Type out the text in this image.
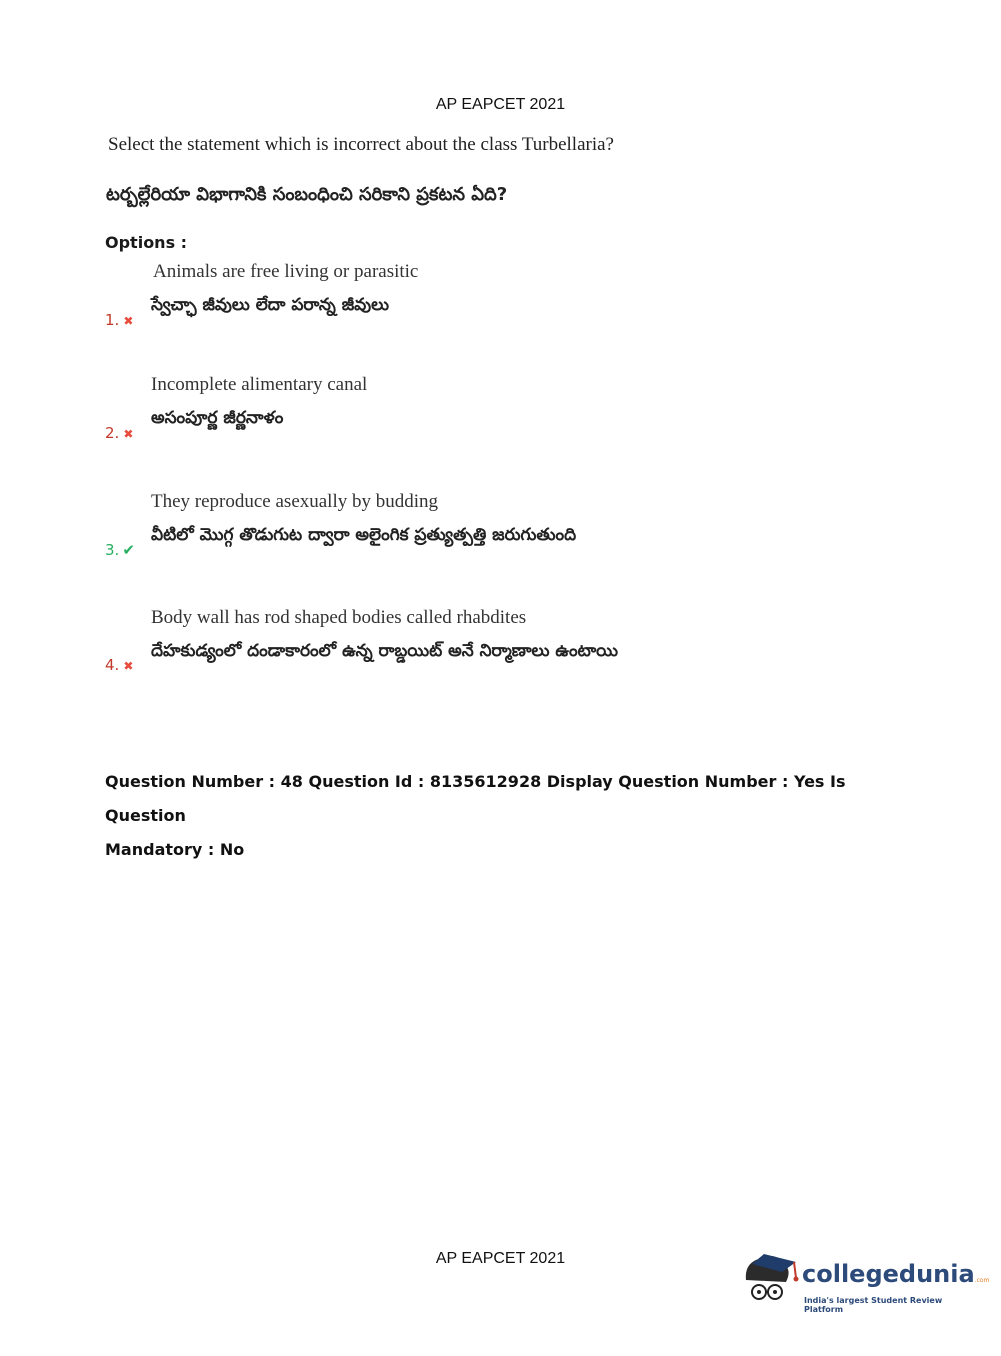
AP EAPCET 2021
Select the statement which is incorrect about the class Turbellaria?
టర్బల్లేరియా విభాగానికి సంబంధించి సరికాని ప్రకటన ఏది?
Options :
Animals are free living or parasitic
స్వేచ్ఛా జీవులు లేదా పరాన్న జీవులు
1. ✖
Incomplete alimentary canal
అసంపూర్ణ జీర్ణనాళం
2. ✖
They reproduce asexually by budding
వీటిలో మొగ్గ తొడుగుట ద్వారా అలైంగిక ప్రత్యుత్పత్తి జరుగుతుంది
3. ✔
Body wall has rod shaped bodies called rhabdites
దేహకుడ్యంలో దండాకారంలో ఉన్న రాబ్డయిట్ అనే నిర్మాణాలు ఉంటాయి
4. ✖
Question Number : 48 Question Id : 8135612928 Display Question Number : Yes Is Question
Mandatory : No
AP EAPCET 2021
collegedunia.com
India's largest Student Review Platform
